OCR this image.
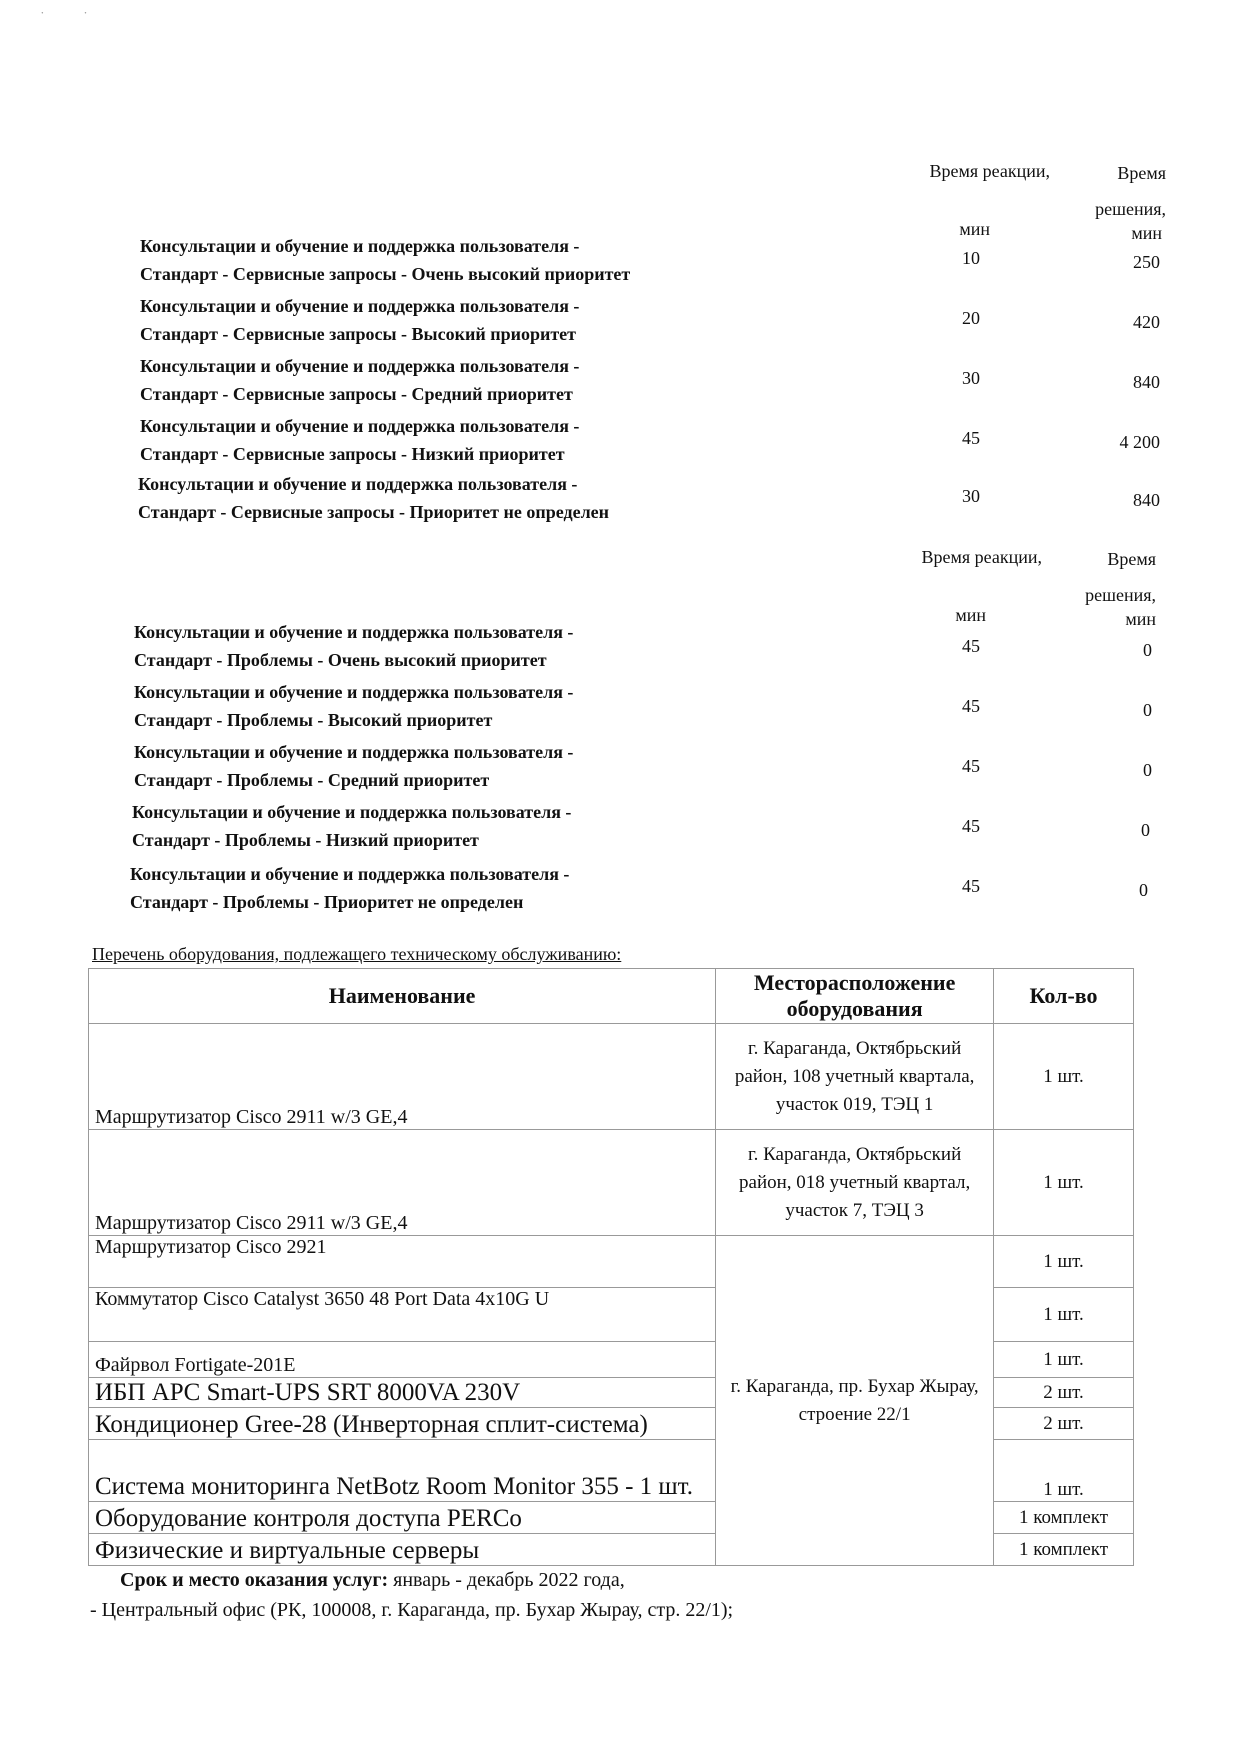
˙           ˙
Время реакции,	Время
решения,
мин	мин
Консультации и обучение и поддержка пользователя -
Стандарт - Сервисные запросы - Очень высокий приоритет
10	250
Консультации и обучение и поддержка пользователя -
Стандарт - Сервисные запросы - Высокий приоритет
20	420
Консультации и обучение и поддержка пользователя -
Стандарт - Сервисные запросы - Средний приоритет
30	840
Консультации и обучение и поддержка пользователя -
Стандарт - Сервисные запросы - Низкий приоритет
45	4 200
Консультации и обучение и поддержка пользователя -
Стандарт - Сервисные запросы - Приоритет не определен
30	840
Время реакции,	Время
решения,
мин	мин
Консультации и обучение и поддержка пользователя -
Стандарт - Проблемы - Очень высокий приоритет
45	0
Консультации и обучение и поддержка пользователя -
Стандарт - Проблемы - Высокий приоритет
45	0
Консультации и обучение и поддержка пользователя -
Стандарт - Проблемы - Средний приоритет
45	0
Консультации и обучение и поддержка пользователя -
Стандарт - Проблемы - Низкий приоритет
45	0
Консультации и обучение и поддержка пользователя -
Стандарт - Проблемы - Приоритет не определен
45	0
Перечень оборудования, подлежащего техническому обслуживанию:
Наименование	Месторасположение оборудования	Кол-во
Маршрутизатор Cisco 2911 w/3 GE,4	г. Караганда, Октябрьский район, 108 учетный квартала, участок 019, ТЭЦ 1	1 шт.
Маршрутизатор Cisco 2911 w/3 GE,4	г. Караганда, Октябрьский район, 018 учетный квартал, участок 7, ТЭЦ 3	1 шт.
Маршрутизатор Cisco 2921	г. Караганда, пр. Бухар Жырау, строение 22/1	1 шт.
Коммутатор Cisco Catalyst 3650 48 Port Data 4x10G U		1 шт.
Файрвол Fortigate-201E		1 шт.
ИБП APC Smart-UPS SRT 8000VA 230V		2 шт.
Кондиционер Gree-28 (Инверторная сплит-система)		2 шт.
Система мониторинга NetBotz Room Monitor 355 - 1 шт.		1 шт.
Оборудование контроля доступа PERCo		1 комплект
Физические и виртуальные серверы		1 комплект
Срок и место оказания услуг: январь - декабрь 2022 года,
- Центральный офис (РК, 100008, г. Караганда, пр. Бухар Жырау, стр. 22/1);
